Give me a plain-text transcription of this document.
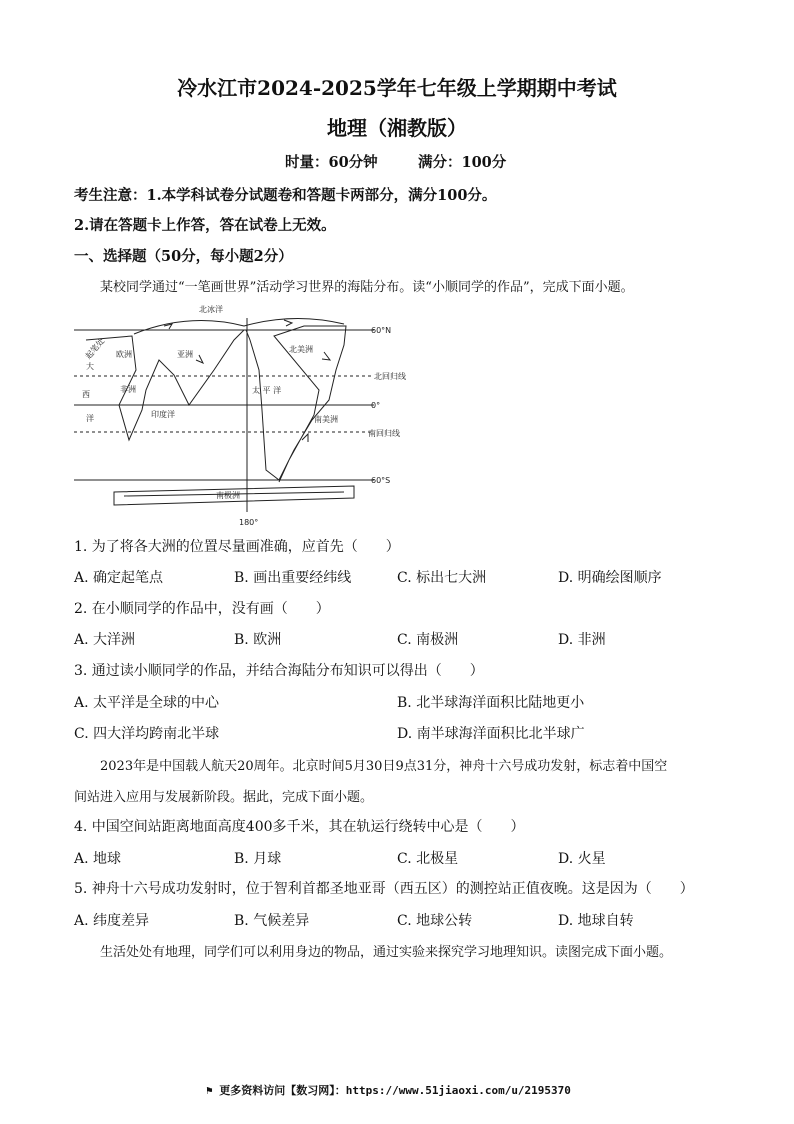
冷水江市2024-2025学年七年级上学期期中考试
地理（湘教版）
时量：60分钟	满分：100分
考生注意：1.本学科试卷分试题卷和答题卡两部分，满分100分。
2.请在答题卡上作答，答在试卷上无效。
一、选择题（50分，每小题2分）
某校同学通过“一笔画世界”活动学习世界的海陆分布。读“小顺同学的作品”，完成下面小题。
北冰洋
60°N
北回归线
0°
南回归线
60°S
180°
欧洲	亚洲
北美洲
非洲
印度洋
太 平 洋
南美洲
南极洲
大
西
洋
起笔处
1. 为了将各大洲的位置尽量画准确，应首先（　　）
A. 确定起笔点	B. 画出重要经纬线	C. 标出七大洲	D. 明确绘图顺序
2. 在小顺同学的作品中，没有画（　　）
A. 大洋洲	B. 欧洲	C. 南极洲	D. 非洲
3. 通过读小顺同学的作品，并结合海陆分布知识可以得出（　　）
A. 太平洋是全球的中心	B. 北半球海洋面积比陆地更小
C. 四大洋均跨南北半球	D. 南半球海洋面积比北半球广
2023年是中国载人航天20周年。北京时间5月30日9点31分，神舟十六号成功发射，标志着中国空
间站进入应用与发展新阶段。据此，完成下面小题。
4. 中国空间站距离地面高度400多千米，其在轨运行绕转中心是（　　）
A. 地球	B. 月球	C. 北极星	D. 火星
5. 神舟十六号成功发射时，位于智利首都圣地亚哥（西五区）的测控站正值夜晚。这是因为（　　）
A. 纬度差异	B. 气候差异	C. 地球公转	D. 地球自转
生活处处有地理，同学们可以利用身边的物品，通过实验来探究学习地理知识。读图完成下面小题。
⚑ 更多资料访问【数习网】：https://www.51jiaoxi.com/u/2195370
